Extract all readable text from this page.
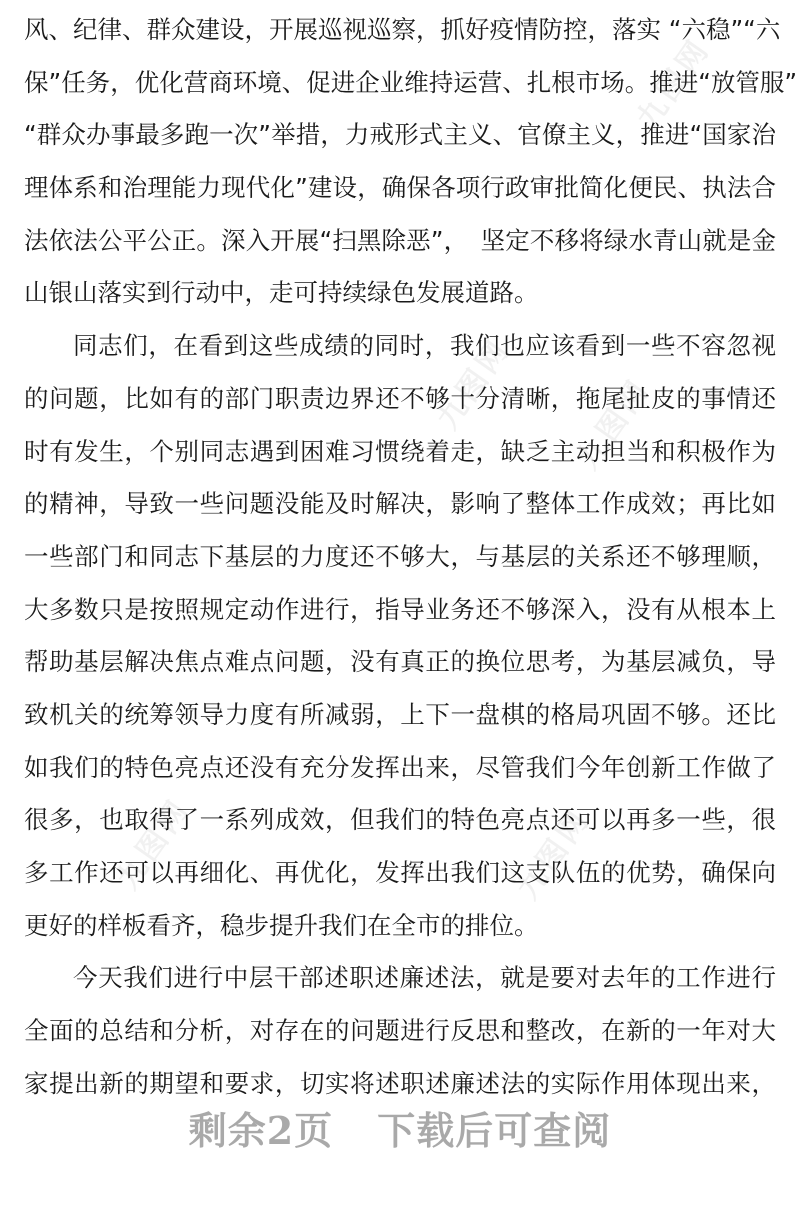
九图网 九图网
九图网	九图网
九图网
风、纪律、群众建设，开展巡视巡察，抓好疫情防控，落实 “六稳”“六
保”任务，优化营商环境、促进企业维持运营、扎根市场。推进“放管服”
“群众办事最多跑一次”举措，力戒形式主义、官僚主义，推进“国家治
理体系和治理能力现代化”建设，确保各项行政审批简化便民、执法合
法依法公平公正。深入开展“扫黑除恶”，　坚定不移将绿水青山就是金
山银山落实到行动中，走可持续绿色发展道路。
同志们，在看到这些成绩的同时，我们也应该看到一些不容忽视
的问题，比如有的部门职责边界还不够十分清晰，拖尾扯皮的事情还
时有发生，个别同志遇到困难习惯绕着走，缺乏主动担当和积极作为
的精神，导致一些问题没能及时解决，影响了整体工作成效；再比如
一些部门和同志下基层的力度还不够大，与基层的关系还不够理顺，
大多数只是按照规定动作进行，指导业务还不够深入，没有从根本上
帮助基层解决焦点难点问题，没有真正的换位思考，为基层减负，导
致机关的统筹领导力度有所减弱，上下一盘棋的格局巩固不够。还比
如我们的特色亮点还没有充分发挥出来，尽管我们今年创新工作做了
很多，也取得了一系列成效，但我们的特色亮点还可以再多一些，很
多工作还可以再细化、再优化，发挥出我们这支队伍的优势，确保向
更好的样板看齐，稳步提升我们在全市的排位。
今天我们进行中层干部述职述廉述法，就是要对去年的工作进行
全面的总结和分析，对存在的问题进行反思和整改，在新的一年对大
家提出新的期望和要求，切实将述职述廉述法的实际作用体现出来，
剩余2页 下载后可查阅
